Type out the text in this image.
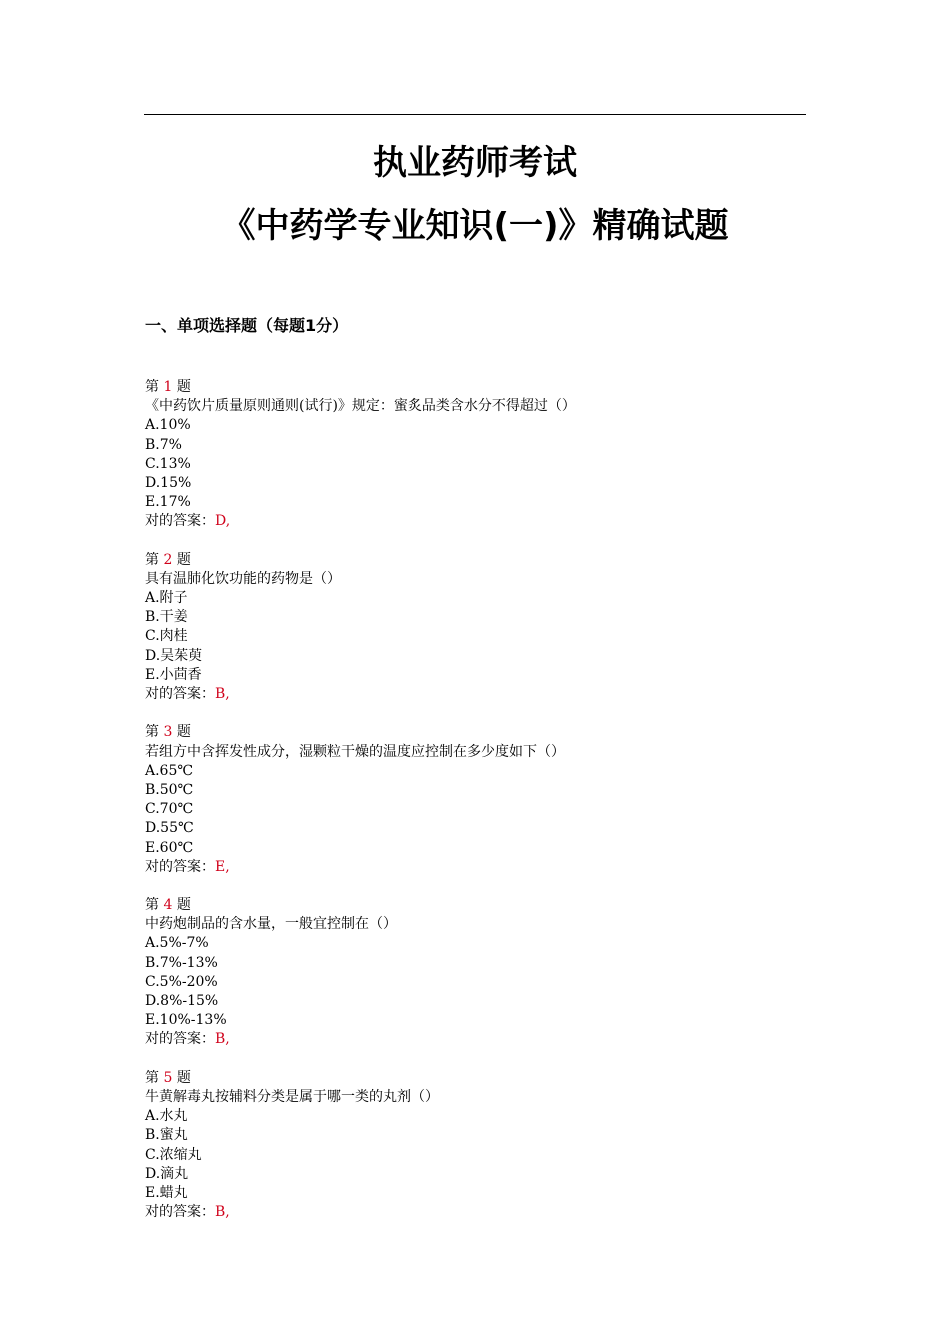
执业药师考试
《中药学专业知识(一)》精确试题
一、单项选择题（每题1分）
第 1 题
《中药饮片质量原则通则(试行)》规定：蜜炙品类含水分不得超过（）
A.10%
B.7%
C.13%
D.15%
E.17%
对的答案：D,
第 2 题
具有温肺化饮功能的药物是（）
A.附子
B.干姜
C.肉桂
D.吴茱萸
E.小茴香
对的答案：B,
第 3 题
若组方中含挥发性成分，湿颗粒干燥的温度应控制在多少度如下（）
A.65℃
B.50℃
C.70℃
D.55℃
E.60℃
对的答案：E,
第 4 题
中药炮制品的含水量，一般宜控制在（）
A.5%-7%
B.7%-13%
C.5%-20%
D.8%-15%
E.10%-13%
对的答案：B,
第 5 题
牛黄解毒丸按辅料分类是属于哪一类的丸剂（）
A.水丸
B.蜜丸
C.浓缩丸
D.滴丸
E.蜡丸
对的答案：B,
